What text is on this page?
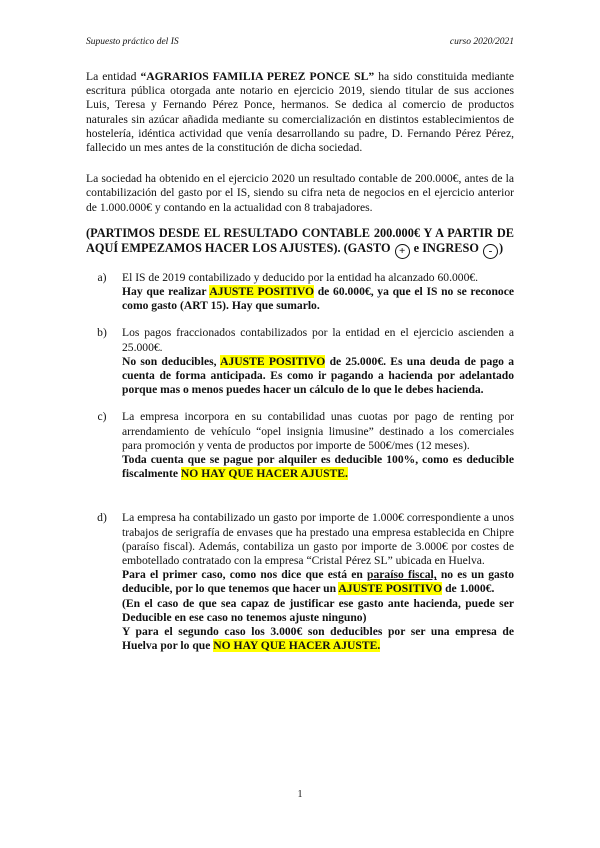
Supuesto práctico del IS	curso 2020/2021

La entidad “AGRARIOS FAMILIA PEREZ PONCE SL” ha sido constituida mediante escritura pública otorgada ante notario en ejercicio 2019, siendo titular de sus acciones Luis, Teresa y Fernando Pérez Ponce, hermanos. Se dedica al comercio de productos naturales sin azúcar añadida mediante su comercialización en distintos establecimientos de hostelería, idéntica actividad que venía desarrollando su padre, D. Fernando Pérez Pérez, fallecido un mes antes de la constitución de dicha sociedad.

La sociedad ha obtenido en el ejercicio 2020 un resultado contable de 200.000€, antes de la contabilización del gasto por el IS, siendo su cifra neta de negocios en el ejercicio anterior de 1.000.000€ y contando en la actualidad con 8 trabajadores.

(PARTIMOS DESDE EL RESULTADO CONTABLE 200.000€ Y A PARTIR DE AQUÍ EMPEZAMOS HACER LOS AJUSTES). (GASTO + e INGRESO - )

a)	El IS de 2019 contabilizado y deducido por la entidad ha alcanzado 60.000€.

Hay que realizar AJUSTE POSITIVO de 60.000€, ya que el IS no se reconoce como gasto (ART 15). Hay que sumarlo.

b)	Los pagos fraccionados contabilizados por la entidad en el ejercicio ascienden a 25.000€.

No son deducibles, AJUSTE POSITIVO de 25.000€. Es una deuda de pago a cuenta de forma anticipada. Es como ir pagando a hacienda por adelantado porque mas o menos puedes hacer un cálculo de lo que le debes hacienda.

c)	La empresa incorpora en su contabilidad unas cuotas por pago de renting por arrendamiento de vehículo “opel insignia limusine” destinado a los comerciales para promoción y venta de productos por importe de 500€/mes (12 meses).

Toda cuenta que se pague por alquiler es deducible 100%, como es deducible fiscalmente NO HAY QUE HACER AJUSTE.

d)	La empresa ha contabilizado un gasto por importe de 1.000€ correspondiente a unos trabajos de serigrafía de envases que ha prestado una empresa establecida en Chipre (paraíso fiscal). Además, contabiliza un gasto por importe de 3.000€ por costes de embotellado contratado con la empresa “Cristal Pérez SL” ubicada en Huelva.

Para el primer caso, como nos dice que está en paraíso fiscal, no es un gasto deducible, por lo que tenemos que hacer un AJUSTE POSITIVO de 1.000€.

(En el caso de que sea capaz de justificar ese gasto ante hacienda, puede ser Deducible en ese caso no tenemos ajuste ninguno)

Y para el segundo caso los 3.000€ son deducibles por ser una empresa de Huelva por lo que NO HAY QUE HACER AJUSTE.

1
